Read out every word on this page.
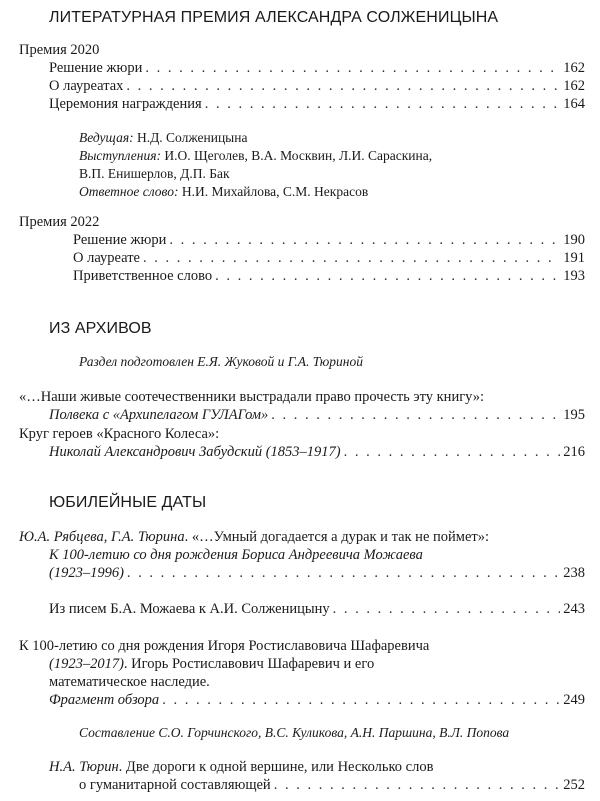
ЛИТЕРАТУРНАЯ ПРЕМИЯ АЛЕКСАНДРА СОЛЖЕНИЦЫНА
Премия 2020
Решение жюри . . .	162
О лауреатах . . .	162
Церемония награждения . . .	164
Ведущая: Н.Д. Солженицына
Выступления: И.О. Щеголев, В.А. Москвин, Л.И. Сараскина,
В.П. Енишерлов, Д.П. Бак
Ответное слово: Н.И. Михайлова, С.М. Некрасов
Премия 2022
Решение жюри . . .	190
О лауреате . . .	191
Приветственное слово . . .	193
ИЗ АРХИВОВ
Раздел подготовлен Е.Я. Жуковой и Г.А. Тюриной
«…Наши живые соотечественники выстрадали право прочесть эту книгу»:
Полвека с «Архипелагом ГУЛАГом» . . .	195
Круг героев «Красного Колеса»:
Николай Александрович Забудский (1853–1917) . . .	216
ЮБИЛЕЙНЫЕ ДАТЫ
Ю.А. Рябцева, Г.А. Тюрина. «…Умный догадается а дурак и так не поймет»:
К 100-летию со дня рождения Бориса Андреевича Можаева
(1923–1996) . . .	238
Из писем Б.А. Можаева к А.И. Солженицыну . . .	243
К 100-летию со дня рождения Игоря Ростиславовича Шафаревича
(1923–2017). Игорь Ростиславович Шафаревич и его
математическое наследие.
Фрагмент обзора . . .	249
Составление С.О. Горчинского, В.С. Куликова, А.Н. Паршина, В.Л. Попова
Н.А. Тюрин. Две дороги к одной вершине, или Несколько слов
о гуманитарной составляющей . . .	252
